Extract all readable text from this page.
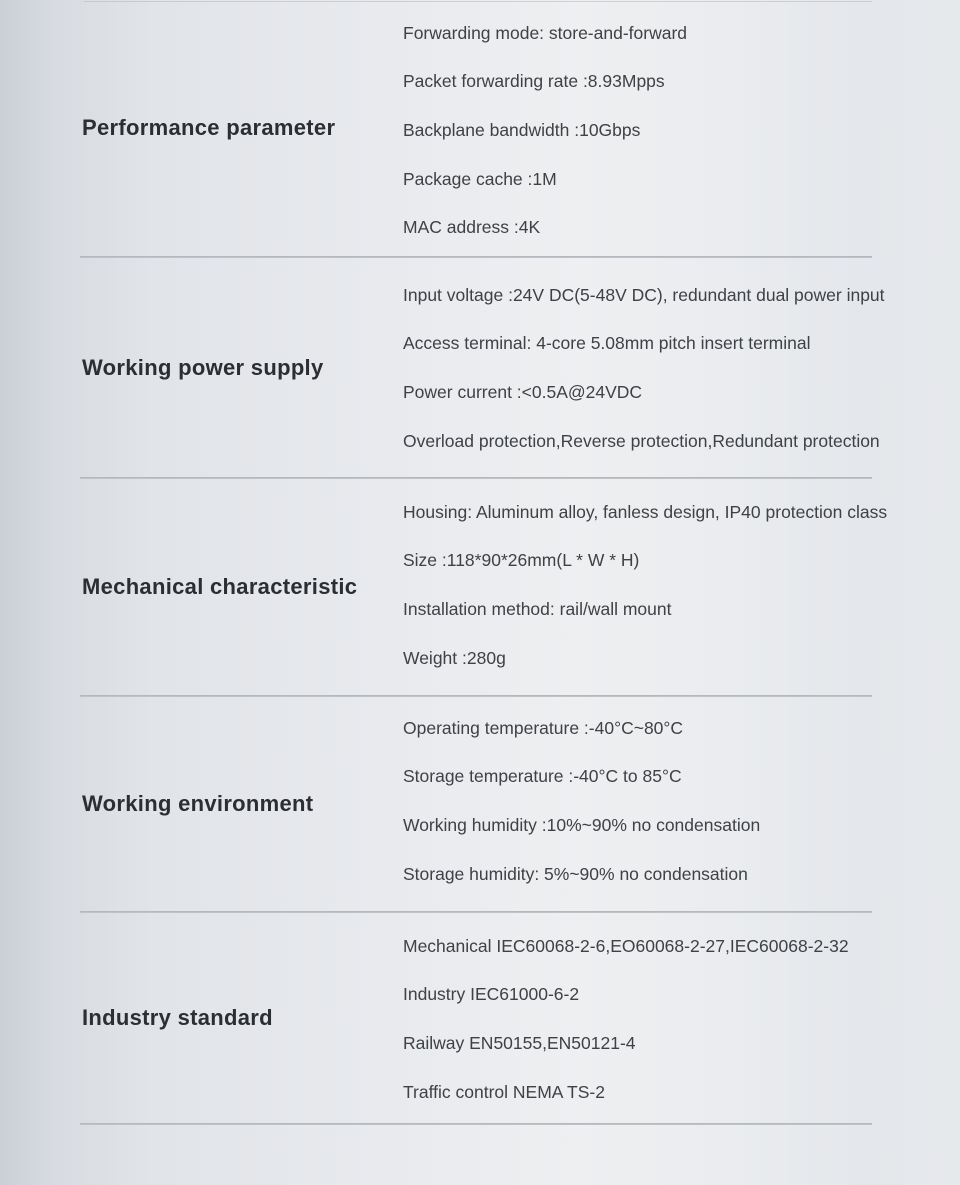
Performance parameter
Forwarding mode: store-and-forward
Packet forwarding rate :8.93Mpps
Backplane bandwidth :10Gbps
Package cache :1M
MAC address :4K
Working power supply
Input voltage :24V DC(5-48V DC), redundant dual power input
Access terminal: 4-core 5.08mm pitch insert terminal
Power current :<0.5A@24VDC
Overload protection,Reverse protection,Redundant protection
Mechanical characteristic
Housing: Aluminum alloy, fanless design, IP40 protection class
Size :118*90*26mm(L * W * H)
Installation method: rail/wall mount
Weight :280g
Working environment
Operating temperature :-40°C~80°C
Storage temperature :-40°C to 85°C
Working humidity :10%~90% no condensation
Storage humidity: 5%~90% no condensation
Industry standard
Mechanical IEC60068-2-6,EO60068-2-27,IEC60068-2-32
Industry IEC61000-6-2
Railway EN50155,EN50121-4
Traffic control NEMA TS-2
